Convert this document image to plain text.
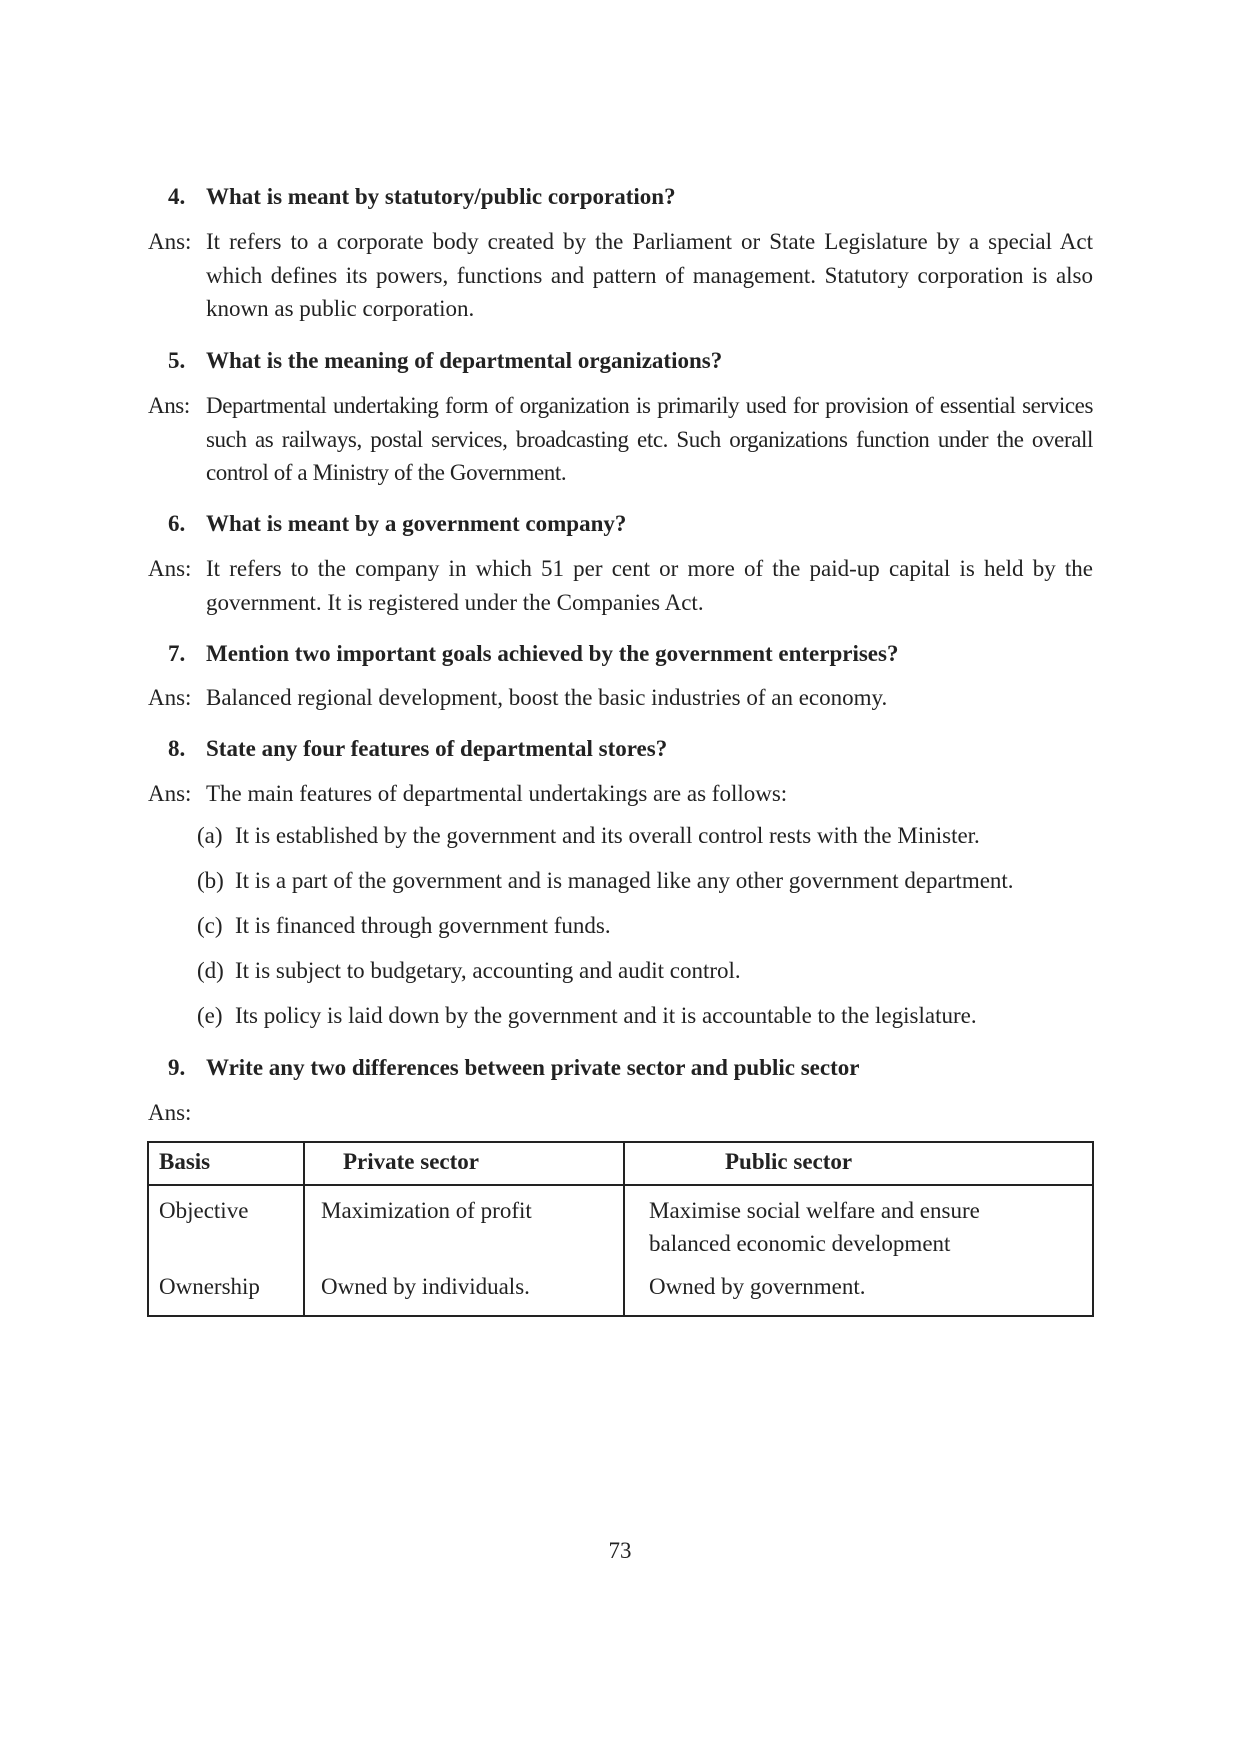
4. What is meant by statutory/public corporation?
Ans: It refers to a corporate body created by the Parliament or State Legislature by a special Act which defines its powers, functions and pattern of management. Statutory corporation is also known as public corporation.
5. What is the meaning of departmental organizations?
Ans: Departmental undertaking form of organization is primarily used for provision of essential services such as railways, postal services, broadcasting etc. Such organizations function under the overall control of a Ministry of the Government.
6. What is meant by a government company?
Ans: It refers to the company in which 51 per cent or more of the paid-up capital is held by the government. It is registered under the Companies Act.
7. Mention two important goals achieved by the government enterprises?
Ans: Balanced regional development, boost the basic industries of an economy.
8. State any four features of departmental stores?
Ans: The main features of departmental undertakings are as follows:
(a) It is established by the government and its overall control rests with the Minister.
(b) It is a part of the government and is managed like any other government department.
(c) It is financed through government funds.
(d) It is subject to budgetary, accounting and audit control.
(e) Its policy is laid down by the government and it is accountable to the legislature.
9. Write any two differences between private sector and public sector
Ans:
Basis	Private sector	Public sector
Objective	Maximization of profit	Maximise social welfare and ensure balanced economic development
Ownership	Owned by individuals.	Owned by government.
73
